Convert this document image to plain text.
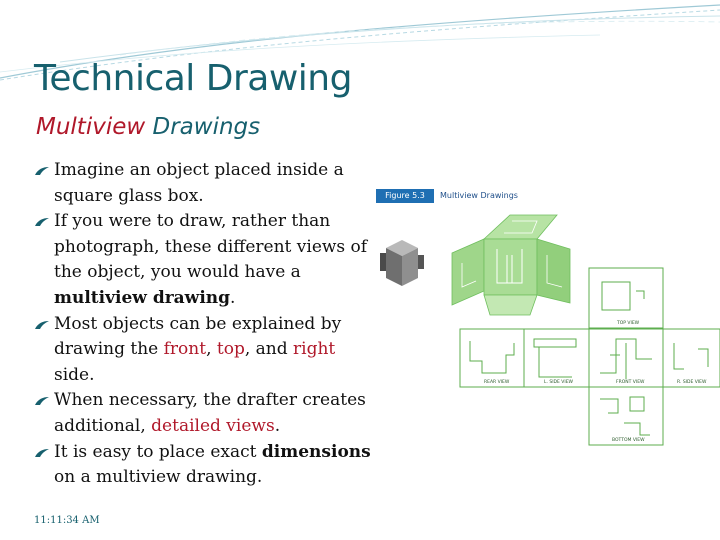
Technical Drawing
Multiview Drawings
Imagine an object placed inside a square glass box.
If you were to draw, rather than photograph, these different views of the object, you would have a multiview drawing.
Most objects can be explained by drawing the front, top, and right side.
When necessary, the drafter creates additional, detailed views.
It is easy to place exact dimensions on a multiview drawing.
Figure 5.3	Multiview Drawings
TOP VIEW
REAR VIEW	L. SIDE VIEW	FRONT VIEW	R. SIDE VIEW
BOTTOM VIEW
11:11:34 AM
